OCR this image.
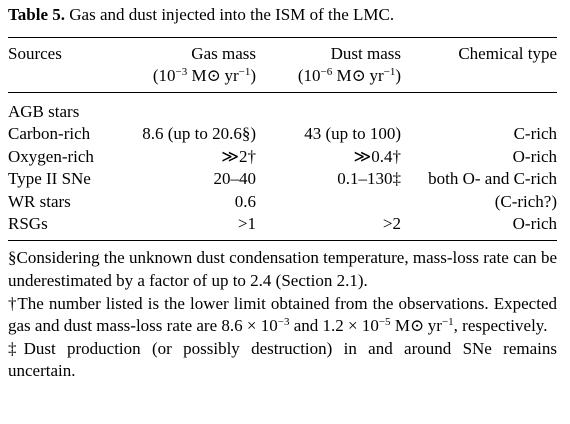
Table 5. Gas and dust injected into the ISM of the LMC.
Sources	Gas mass	Dust mass	Chemical type
	($10^{-3}$ M⊙ $yr^{-1}$)	($10^{-6}$ M⊙ $yr^{-1}$)	
AGB stars			
Carbon-rich	8.6 (up to 20.6§)	43 (up to 100)	C-rich
Oxygen-rich	≫2†	≫0.4†	O-rich
Type II SNe	20–40	0.1–130‡	both O- and C-rich
WR stars	0.6		(C-rich?)
RSGs	>1	>2	O-rich

§Considering the unknown dust condensation temperature, mass-loss rate can be underestimated by a factor of up to 2.4 (Section 2.1).

†The number listed is the lower limit obtained from the observations. Expected gas and dust mass-loss rate are $8.6 \times 10^{-3}$ and $1.2 \times 10^{-5}$ M⊙ $yr^{-1}$, respectively.

‡Dust production (or possibly destruction) in and around SNe remains uncertain.
